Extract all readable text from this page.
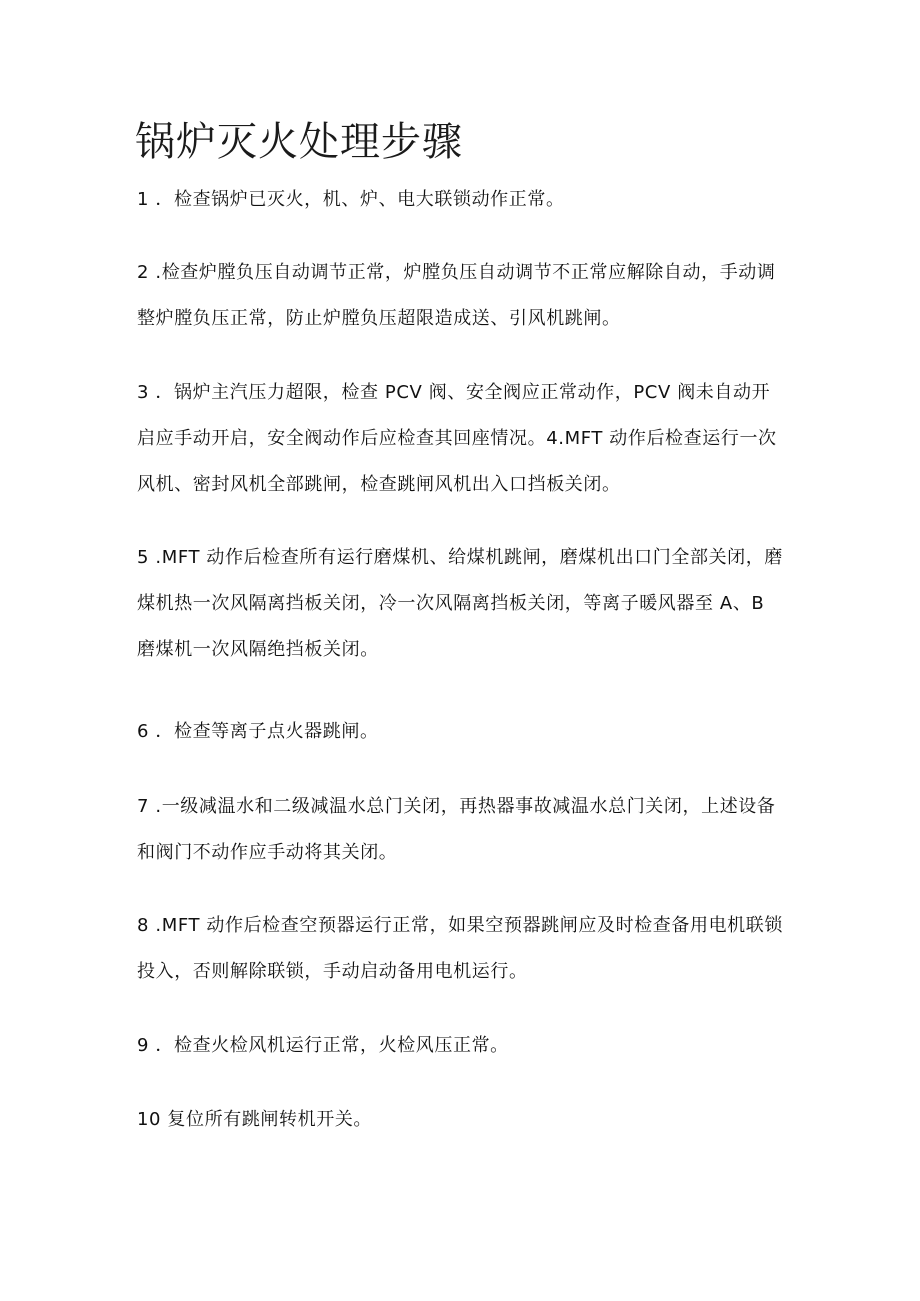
锅炉灭火处理步骤

1 ．检查锅炉已灭火，机、炉、电大联锁动作正常。

2 .检查炉膛负压自动调节正常，炉膛负压自动调节不正常应解除自动，手动调整炉膛负压正常，防止炉膛负压超限造成送、引风机跳闸。

3 ．锅炉主汽压力超限，检查 PCV 阀、安全阀应正常动作，PCV 阀未自动开启应手动开启，安全阀动作后应检查其回座情况。4.MFT 动作后检查运行一次风机、密封风机全部跳闸，检查跳闸风机出入口挡板关闭。

5 .MFT 动作后检查所有运行磨煤机、给煤机跳闸，磨煤机出口门全部关闭，磨煤机热一次风隔离挡板关闭，冷一次风隔离挡板关闭，等离子暖风器至 A、B 磨煤机一次风隔绝挡板关闭。

6 ．检查等离子点火器跳闸。

7 .一级减温水和二级减温水总门关闭，再热器事故减温水总门关闭，上述设备和阀门不动作应手动将其关闭。

8 .MFT 动作后检查空预器运行正常，如果空预器跳闸应及时检查备用电机联锁投入，否则解除联锁，手动启动备用电机运行。

9 ．检查火检风机运行正常，火检风压正常。

10 复位所有跳闸转机开关。
